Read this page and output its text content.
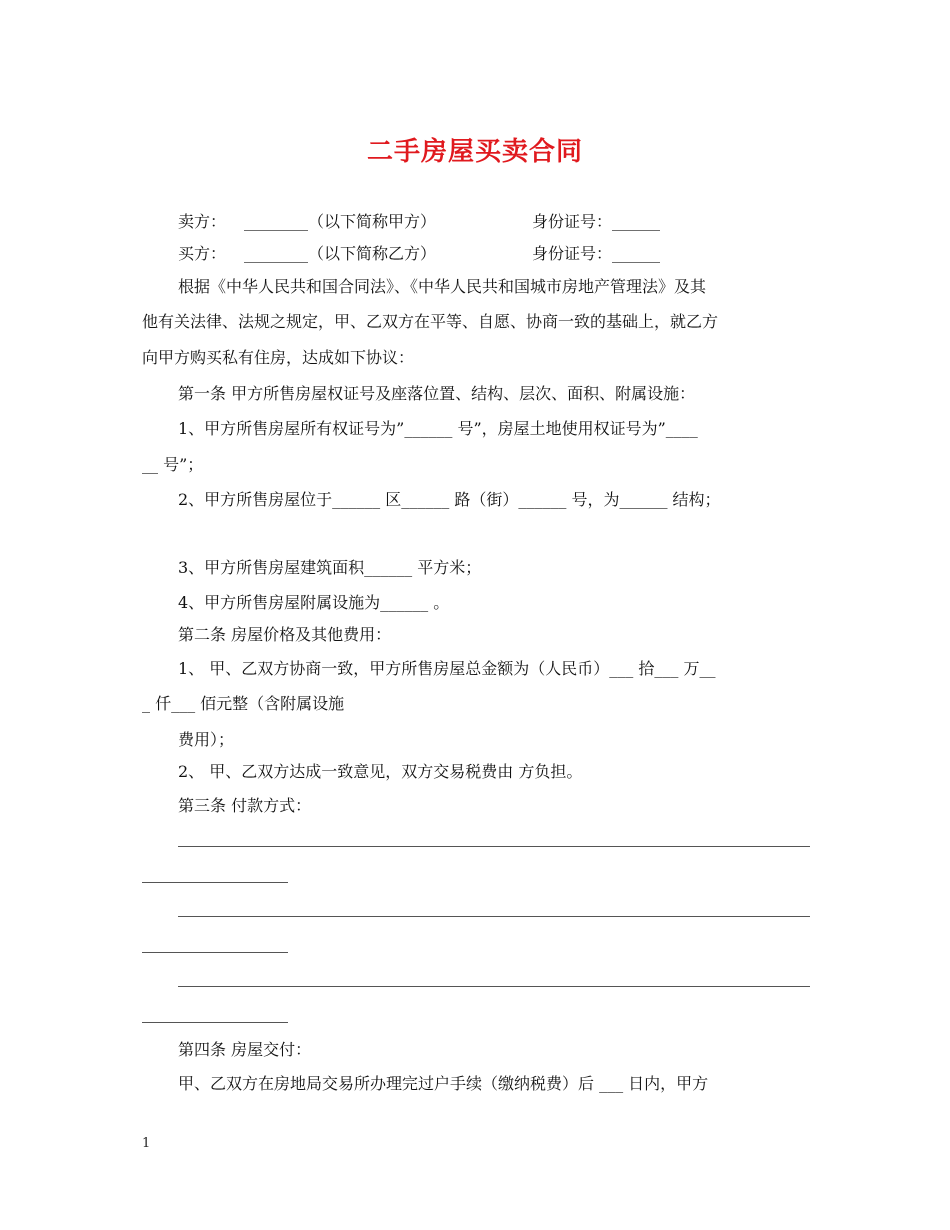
二手房屋买卖合同
卖方： ________（以下简称甲方）	身份证号：______
买方： ________（以下简称乙方）	身份证号：______
根据《中华人民共和国合同法》、《中华人民共和国城市房地产管理法》及其
他有关法律、法规之规定，甲、乙双方在平等、自愿、协商一致的基础上，就乙方
向甲方购买私有住房，达成如下协议：
第一条 甲方所售房屋权证号及座落位置、结构、层次、面积、附属设施：
1、甲方所售房屋所有权证号为”______ 号”，房屋土地使用权证号为”____
__ 号”；
2、甲方所售房屋位于______ 区______ 路（街）______ 号，为______ 结构；
3、甲方所售房屋建筑面积______ 平方米；
4、甲方所售房屋附属设施为______ 。
第二条 房屋价格及其他费用：
1、 甲、乙双方协商一致，甲方所售房屋总金额为（人民币）___ 拾___ 万__
_ 仟___ 佰元整（含附属设施
费用）；
2、 甲、乙双方达成一致意见，双方交易税费由 方负担。
第三条 付款方式：
第四条 房屋交付：
甲、乙双方在房地局交易所办理完过户手续（缴纳税费）后 ___ 日内，甲方
1
